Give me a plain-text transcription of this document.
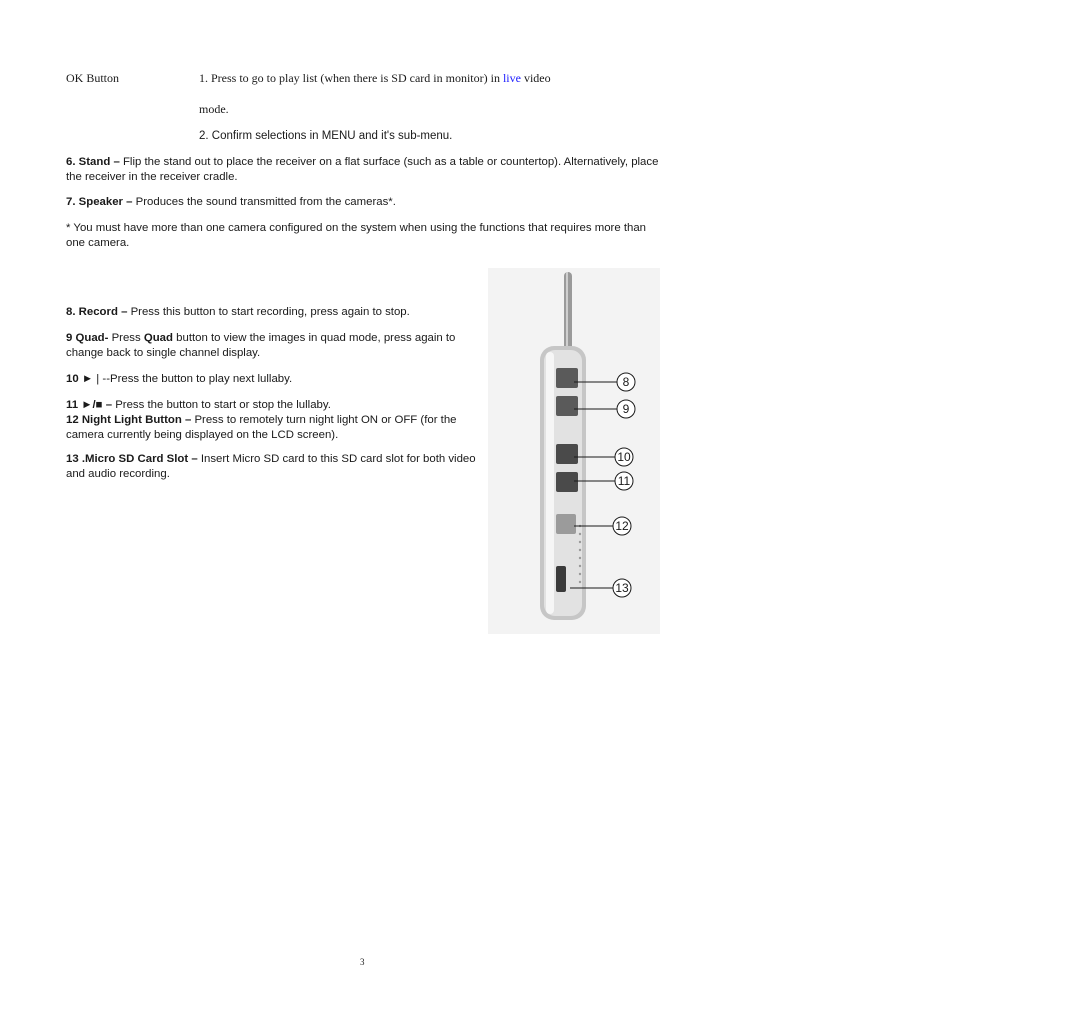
OK Button	1. Press to go to play list (when there is SD card in monitor) in live video
mode.
2. Confirm selections in MENU and it's sub-menu.
6. Stand – Flip the stand out to place the receiver on a flat surface (such as a table or countertop). Alternatively, place the receiver in the receiver cradle.
7. Speaker – Produces the sound transmitted from the cameras*.
* You must have more than one camera configured on the system when using the functions that requires more than one camera.
8. Record – Press this button to start recording, press again to stop.
9 Quad- Press Quad button to view the images in quad mode, press again to change back to single channel display.
10 ► | --Press the button to play next lullaby.
11 ►/■ – Press the button to start or stop the lullaby.
12 Night Light Button – Press to remotely turn night light ON or OFF (for the camera currently being displayed on the LCD screen).
13 .Micro SD Card Slot – Insert Micro SD card to this SD card slot for both video and audio recording.
8
9
10
11
12
13
3
